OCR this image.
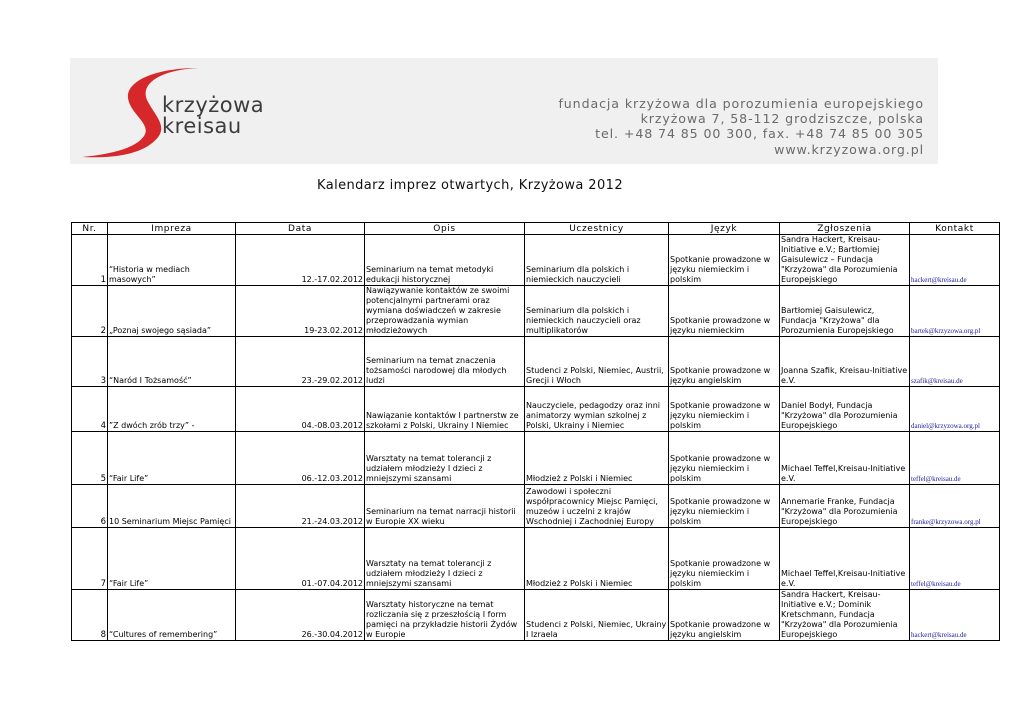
krzyżowa
kreisau
fundacja krzyżowa dla porozumienia europejskiego
krzyżowa 7, 58-112 grodziszcze, polska
tel. +48 74 85 00 300, fax. +48 74 85 00 305
www.krzyzowa.org.pl
Kalendarz imprez otwartych, Krzyżowa 2012
Nr.	Impreza	Data	Opis	Uczestnicy	Język	Zgłoszenia	Kontakt
1	“Historia w mediach masowych”	12.-17.02.2012	Seminarium na temat metodyki edukacji historycznej	Seminarium dla polskich i niemieckich nauczycieli	Spotkanie prowadzone w języku niemieckim i polskim	Sandra Hackert, Kreisau-Initiative e.V.; Bartłomiej Gaisulewicz – Fundacja "Krzyżowa" dla Porozumienia Europejskiego	hackert@kreisau.de
2	„Poznaj swojego sąsiada”	19-23.02.2012	Nawiązywanie kontaktów ze swoimi potencjalnymi partnerami oraz wymiana doświadczeń w zakresie przeprowadzania wymian młodzieżowych	Seminarium dla polskich i niemieckich nauczycieli oraz multiplikatorów	Spotkanie prowadzone w języku niemieckim	Bartłomiej Gaisulewicz, Fundacja "Krzyżowa" dla Porozumienia Europejskiego	bartek@krzyzowa.org.pl
3	“Naród I Tożsamość”	23.-29.02.2012	Seminarium na temat znaczenia tożsamości narodowej dla młodych ludzi	Studenci z Polski, Niemiec, Austrii, Grecji i Włoch	Spotkanie prowadzone w języku angielskim	Joanna Szafik, Kreisau-Initiative e.V.	szafik@kreisau.de
4	”Z dwóch zrób trzy” -	04.-08.03.2012	Nawiązanie kontaktów I partnerstw ze szkołami z Polski, Ukrainy I Niemiec	Nauczyciele, pedagodzy oraz inni animatorzy wymian szkolnej z Polski, Ukrainy i Niemiec	Spotkanie prowadzone w języku niemieckim i polskim	Daniel Bodył, Fundacja "Krzyżowa" dla Porozumienia Europejskiego	daniel@krzyzowa.org.pl
5	“Fair Life”	06.-12.03.2012	Warsztaty na temat tolerancji z udziałem młodzieży I dzieci z mniejszymi szansami	Młodzież z Polski i Niemiec	Spotkanie prowadzone w języku niemieckim i polskim	Michael Teffel,Kreisau-Initiative e.V.	teffel@kreisau.de
6	10 Seminarium Miejsc Pamięci	21.-24.03.2012	Seminarium na temat narracji historii w Europie XX wieku	Zawodowi i społeczni współpracownicy Miejsc Pamięci, muzeów i uczelni z krajów Wschodniej i Zachodniej Europy	Spotkanie prowadzone w języku niemieckim i polskim	Annemarie Franke, Fundacja "Krzyżowa" dla Porozumienia Europejskiego	franke@krzyzowa.org.pl
7	“Fair Life”	01.-07.04.2012	Warsztaty na temat tolerancji z udziałem młodzieży I dzieci z mniejszymi szansami	Młodzież z Polski i Niemiec	Spotkanie prowadzone w języku niemieckim i polskim	Michael Teffel,Kreisau-Initiative e.V.	teffel@kreisau.de
8	“Cultures of remembering”	26.-30.04.2012	Warsztaty historyczne na temat rozliczania się z przeszłością I form pamięci na przykładzie historii Żydów w Europie	Studenci z Polski, Niemiec, Ukrainy I Izraela	Spotkanie prowadzone w języku angielskim	Sandra Hackert, Kreisau-Initiative e.V.; Dominik Kretschmann, Fundacja "Krzyżowa" dla Porozumienia Europejskiego	hackert@kreisau.de
